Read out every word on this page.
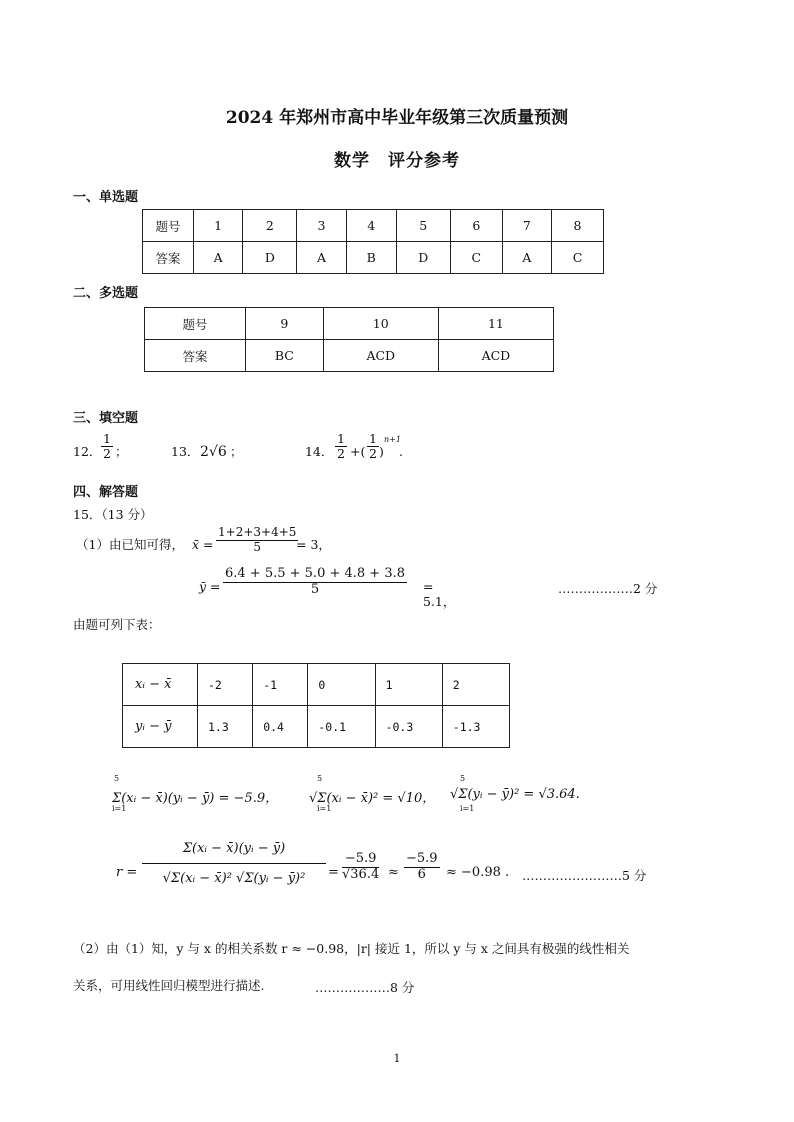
2024 年郑州市高中毕业年级第三次质量预测
数学　评分参考
一、单选题
题号	1	2	3	4	5	6	7	8
答案	A	D	A	B	D	C	A	C
二、多选题
题号	9	10	11
答案	BC	ACD	ACD
三、填空题
12． $\frac{1}{2}$ ；	13． 2√6 ；	14． $\frac{1}{2}$ +( $\frac{1}{2}$ )
n+1
.
四、解答题
15．（13 分）
（1）由已知可得， x̄ = $\frac{1+2+3+4+5}{5}$
= 3，
ȳ = $\frac{6.4 + 5.5 + 5.0 + 4.8 + 3.8}{5} = 5.1$，
………………2 分
由题可列下表：
xᵢ − x̄	-2	-1	0	1	2
yᵢ − ȳ	1.3	0.4	-0.1	-0.3	-1.3
5
i=1
Σ(xᵢ − x̄)(yᵢ − ȳ) = −5.9，
5
i=1
√Σ(xᵢ − x̄)² = √10，
5
i=1
√Σ(yᵢ − ȳ)² = √3.64.
$r = \frac{\text{Σ(xᵢ − x̄)(yᵢ − ȳ)}}{\text{√Σ(xᵢ − x̄)² √Σ(yᵢ − ȳ)²}} = \frac{-5.9}{√36.4} \approx \frac{-5.9}{6} \approx -0.98$ . ……………………5 分
（2）由（1）知，y 与 x 的相关系数 r ≈ −0.98，|r| 接近 1，所以 y 与 x 之间具有极强的线性相关
关系，可用线性回归模型进行描述.	………………8 分
1
